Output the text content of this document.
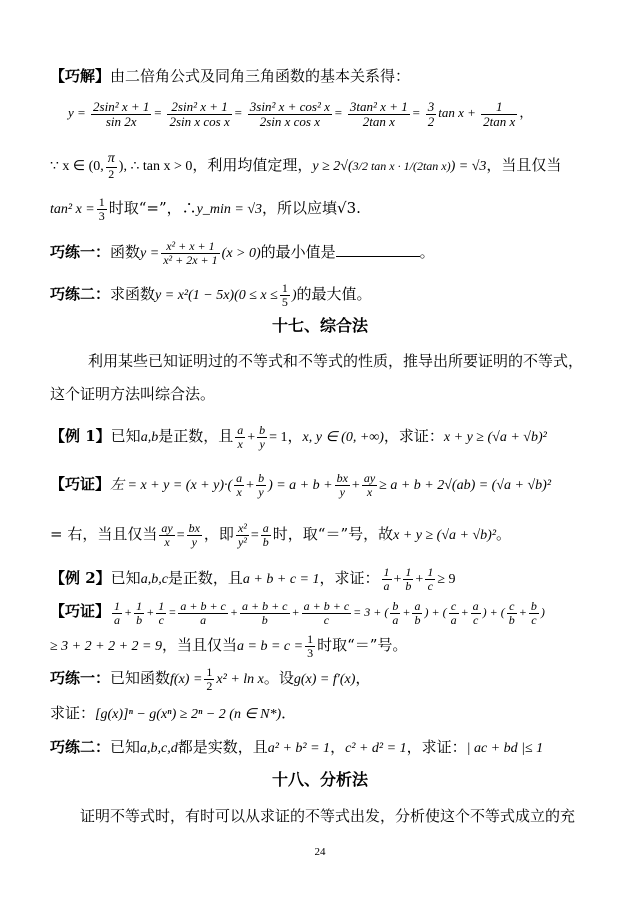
【巧解】由二倍角公式及同角三角函数的基本关系得：
$y = \frac{\text{2sin² x + 1}}{\sin 2x} = \frac{\text{2sin² x + 1}}{\text{2sin x cos x}} = \frac{\text{3sin² x + cos² x}}{\text{2sin x cos x}} = \frac{\text{3tan² x + 1}}{\text{2tan x}} = \frac{3}{2}$ $\tan x + \frac{1}{\text{2tan x}}$ ，
∵ x ∈ (0, $\frac{\pi}{2}$ ), ∴ tan x > 0，利用均值定理，y ≥ 2√(3/2 tan x · 1/(2tan x)) = √3，当且仅当
tan² $x = \frac{1}{3}$ 时取“=”，∴y_min = √3，所以应填√3.
巧练一：函数$y = \frac{\text{x² + x + 1}}{\text{x² + 2x + 1}} (x > 0)$的最小值是	。
巧练二：求函数$y = x^2(1 - 5x)(0 \le x \le \frac{1}{5}$ )的最大值。
十七、综合法
利用某些已知证明过的不等式和不等式的性质，推导出所要证明的不等式，
这个证明方法叫综合法。
【例 1】已知a,b是正数，且 $\frac{a}{x} + \frac{b}{y} = 1$，x, y ∈ (0, +∞)，求证：x + y ≥ (√a + √b)²
【巧证】左 = $x + y = (x + y)\cdot( \frac{a}{x} + \frac{b}{y}$ ) = $a + b + \frac{bx}{y} + \frac{ay}{x} \ge a + b + 2√(ab) = (√a + √b)^2$
= 右，当且仅当 $\frac{ay}{x} = \frac{bx}{y}$ ，即 $\frac{\text{x²}}{\text{y²}} = \frac{a}{b}$ 时，取“＝”号，故x + y ≥ (√a + √b)²。
【例 2】已知a,b,c是正数，且a + b + c = 1，求证： $\frac{1}{a} + \frac{1}{b} + \frac{1}{c} \ge 9$
【巧证】 $\frac{1}{a} + \frac{1}{b} + \frac{1}{c} = \frac{a + b + c}{a} + \frac{a + b + c}{b} + \frac{a + b + c}{c} = 3$ + ( $\frac{b}{a} + \frac{a}{b}$ ) + ( $\frac{c}{a} + \frac{a}{c}$ ) + ( $\frac{c}{b} + \frac{b}{c}$ )
≥ 3 + 2 + 2 + 2 = 9，当且仅当$a = b = c = \frac{1}{3}$ 时取“＝”号。
巧练一：已知函数$f(x) = \frac{1}{2} x^2 + \ln x$。设g(x) = f′(x)，
求证：[g(x)]ⁿ − g(xⁿ) ≥ 2ⁿ − 2 (n ∈ N*)．
巧练二：已知a,b,c,d都是实数，且a² + b² = 1，c² + d² = 1，求证：| ac + bd |≤ 1
十八、分析法
证明不等式时，有时可以从求证的不等式出发，分析使这个不等式成立的充
24
